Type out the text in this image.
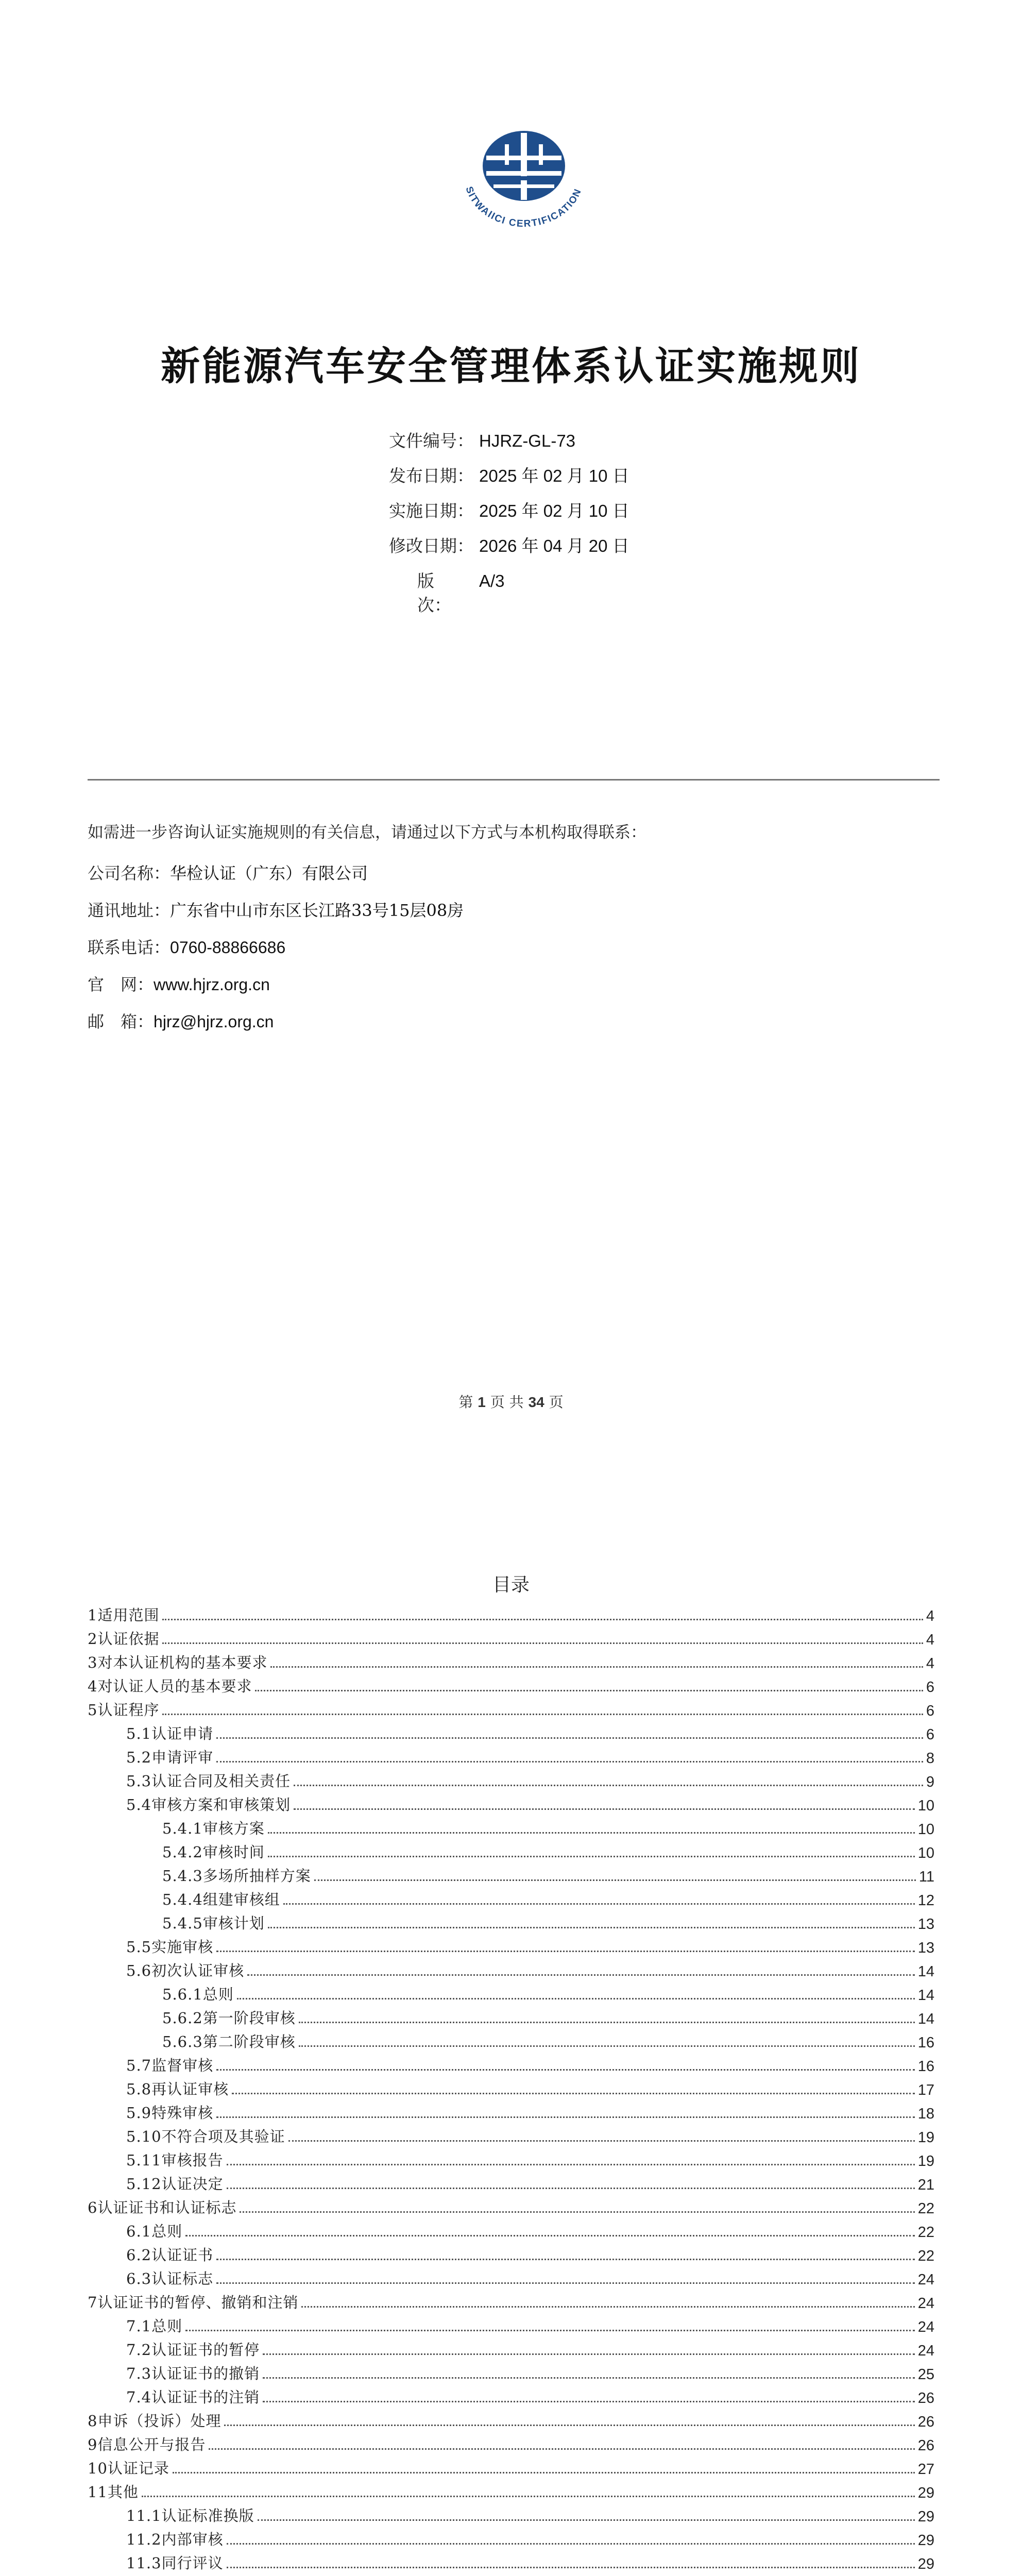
SITWAIICI CERTIFICATION
新能源汽车安全管理体系认证实施规则
文件编号： HJRZ-GL-73
发布日期： 2025 年 02 月 10 日
实施日期： 2025 年 02 月 10 日
修改日期： 2026 年 04 月 20 日
版　次：
A/3
如需进一步咨询认证实施规则的有关信息，请通过以下方式与本机构取得联系：
公司名称： 华检认证（广东）有限公司
通讯地址： 广东省中山市东区长江路33号15层08房
联系电话： 0760-88866686
官　网： www.hjrz.org.cn
邮　箱： hjrz@hjrz.org.cn
第 1 页 共 34 页
目录
1适用范围	4
2认证依据	4
3对本认证机构的基本要求	4
4对认证人员的基本要求	6
5认证程序	6
5.1认证申请	6
5.2申请评审	8
5.3认证合同及相关责任	9
5.4审核方案和审核策划	10
5.4.1审核方案	10
5.4.2审核时间	10
5.4.3多场所抽样方案	11
5.4.4组建审核组	12
5.4.5审核计划	13
5.5实施审核	13
5.6初次认证审核	14
5.6.1总则	14
5.6.2第一阶段审核	14
5.6.3第二阶段审核	16
5.7监督审核	16
5.8再认证审核	17
5.9特殊审核	18
5.10不符合项及其验证	19
5.11审核报告	19
5.12认证决定	21
6认证证书和认证标志	22
6.1总则	22
6.2认证证书	22
6.3认证标志	24
7认证证书的暂停、撤销和注销	24
7.1总则	24
7.2认证证书的暂停	24
7.3认证证书的撤销	25
7.4认证证书的注销	26
8申诉（投诉）处理	26
9信息公开与报告	26
10认证记录	27
11其他	29
11.1认证标准换版	29
11.2内部审核	29
11.3同行评议	29
